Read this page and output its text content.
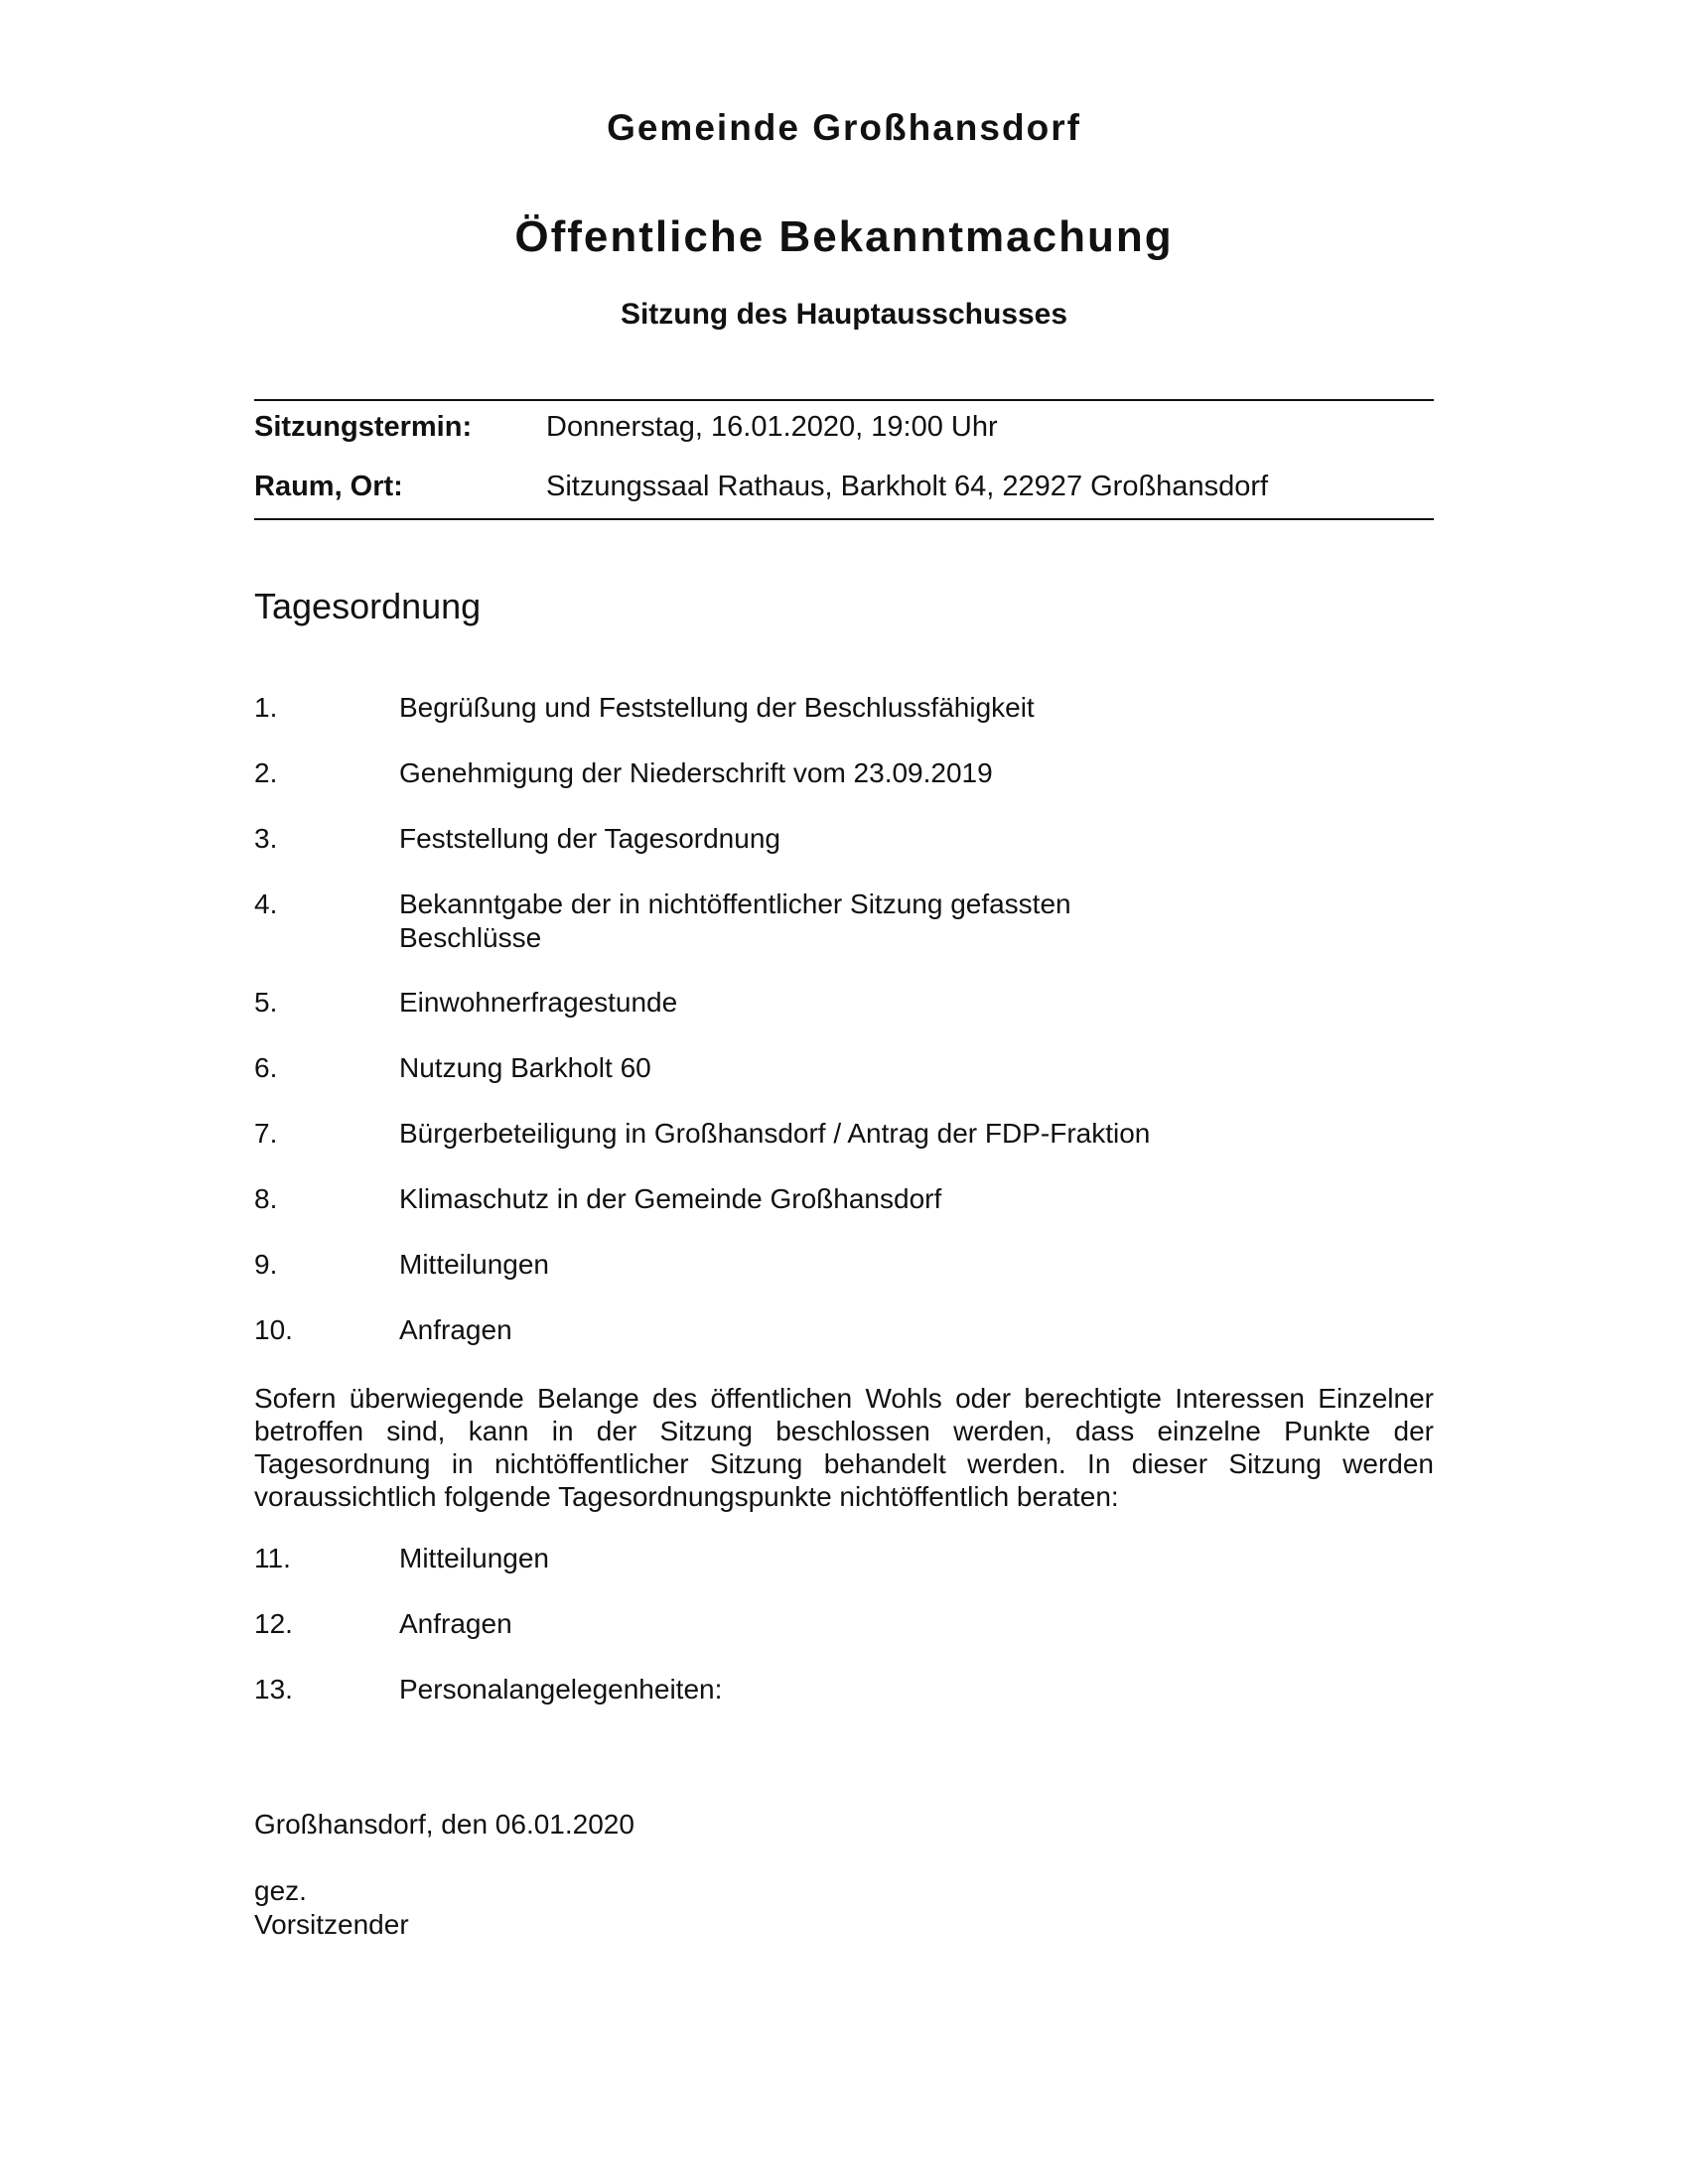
Gemeinde Großhansdorf
Öffentliche Bekanntmachung
Sitzung des Hauptausschusses
Sitzungstermin:	Donnerstag, 16.01.2020, 19:00 Uhr
Raum, Ort:	Sitzungssaal Rathaus, Barkholt 64, 22927 Großhansdorf
Tagesordnung
1.	Begrüßung und Feststellung der Beschlussfähigkeit
2.	Genehmigung der Niederschrift vom 23.09.2019
3.	Feststellung der Tagesordnung
4.	Bekanntgabe der in nichtöffentlicher Sitzung gefassten Beschlüsse
5.	Einwohnerfragestunde
6.	Nutzung Barkholt 60
7.	Bürgerbeteiligung in Großhansdorf / Antrag der FDP-Fraktion
8.	Klimaschutz in der Gemeinde Großhansdorf
9.	Mitteilungen
10.	Anfragen
Sofern überwiegende Belange des öffentlichen Wohls oder berechtigte Interessen Einzelner betroffen sind, kann in der Sitzung beschlossen werden, dass einzelne Punkte der Tagesordnung in nichtöffentlicher Sitzung behandelt werden. In dieser Sitzung werden voraussichtlich folgende Tagesordnungspunkte nichtöffentlich beraten:
11.	Mitteilungen
12.	Anfragen
13.	Personalangelegenheiten:
Großhansdorf, den 06.01.2020
gez.
Vorsitzender
